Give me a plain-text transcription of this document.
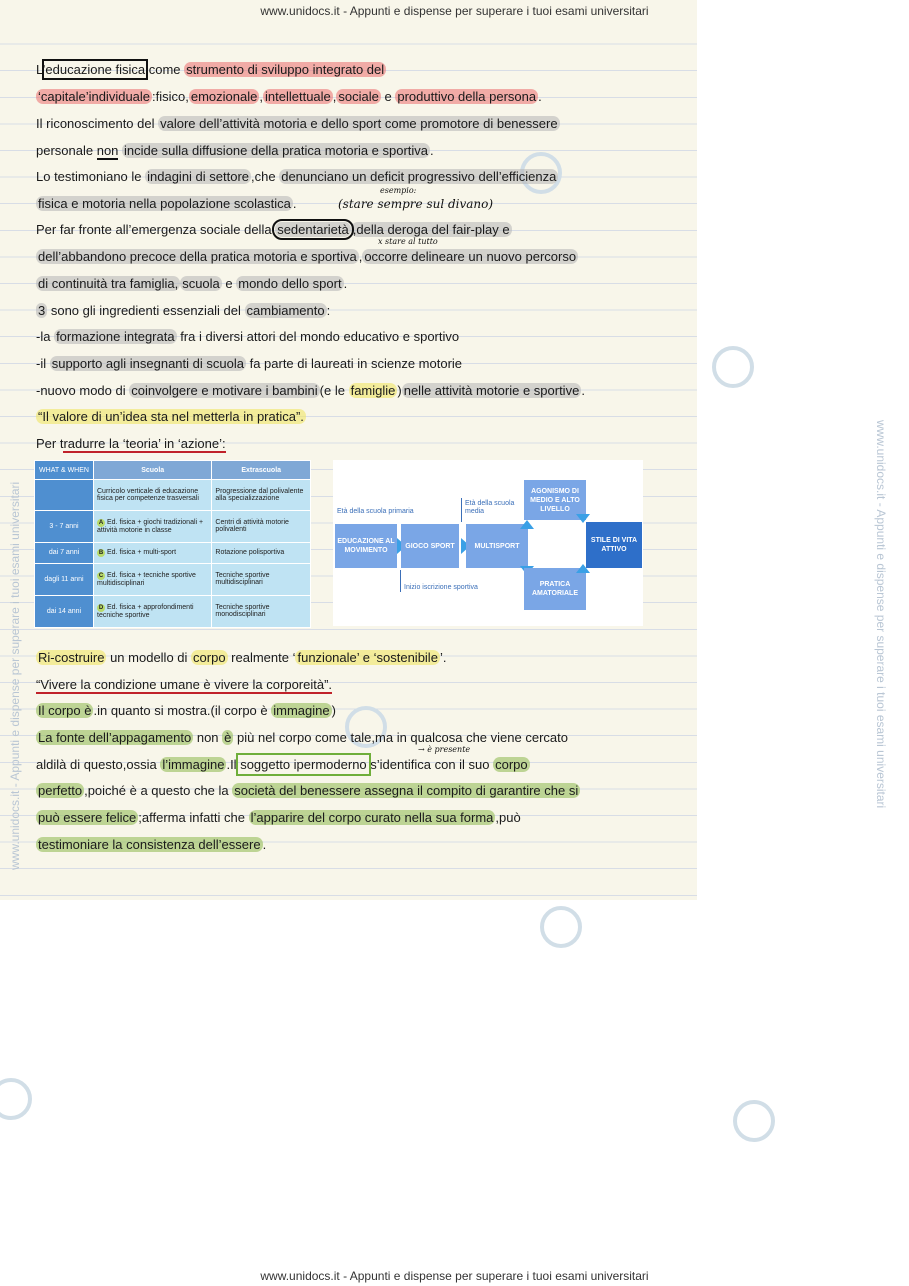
www.unidocs.it - Appunti e dispense per superare i tuoi esami universitari
www.unidocs.it - Appunti e dispense per superare i tuoi esami universitari
www.unidocs.it - Appunti e dispense per superare i tuoi esami universitari
www.unidocs.it - Appunti e dispense per superare i tuoi esami universitari
L’educazione fisica come strumento di sviluppo integrato del
‘capitale’individuale :fisico, emozionale , intellettuale , sociale e produttivo della persona .
Il riconoscimento del valore dell’attività motoria e dello sport come promotore di benessere
personale non incide sulla diffusione della pratica motoria e sportiva .
Lo testimoniano le indagini di settore ,che denunciano un deficit progressivo dell’efficienza
fisica e motoria nella popolazione scolastica .
esempio:
(stare sempre sul divano)
Per far fronte all’emergenza sociale della sedentarietà ,della deroga del fair-play e
x stare al tutto
dell’abbandono precoce della pratica motoria e sportiva , occorre delineare un nuovo percorso
di continuità tra famiglia, scuola e mondo dello sport .
3 sono gli ingredienti essenziali del cambiamento :
-la formazione integrata fra i diversi attori del mondo educativo e sportivo
-il supporto agli insegnanti di scuola fa parte di laureati in scienze motorie
-nuovo modo di coinvolgere e motivare i bambini (e le famiglie ) nelle attività motorie e sportive .
“Il valore di un’idea sta nel metterla in pratica”.
Per tradurre la ‘teoria’ in ‘azione’:
WHAT & WHEN	Scuola	Extrascuola
	Curricolo verticale di educazione fisica per competenze trasversali	Progressione dal polivalente alla specializzazione
3 - 7 anni	A Ed. fisica + giochi tradizionali + attività motorie in classe	Centri di attività motorie polivalenti
dai 7 anni	B Ed. fisica + multi-sport	Rotazione polisportiva
dagli 11 anni	C Ed. fisica + tecniche sportive multidisciplinari	Tecniche sportive multidisciplinari
dai 14 anni	D Ed. fisica + approfondimenti tecniche sportive	Tecniche sportive monodisciplinari
Età della scuola primaria
Età della scuola media
Inizio iscrizione sportiva
EDUCAZIONE AL MOVIMENTO
GIOCO SPORT	MULTISPORT
AGONISMO DI MEDIO E ALTO LIVELLO
PRATICA AMATORIALE
STILE DI VITA ATTIVO
Ri-costruire un modello di corpo realmente ‘ funzionale’ e ‘sostenibile ’.
“Vivere la condizione umane è vivere la corporeità”.
Il corpo è .in quanto si mostra.(il corpo è immagine )
La fonte dell’appagamento non è più nel corpo come tale,ma in qualcosa che viene cercato
→ è presente
aldilà di questo,ossia l’immagine .Il soggetto ipermoderno s’identifica con il suo corpo
perfetto ,poiché è a questo che la società del benessere assegna il compito di garantire che si
può essere felice ;afferma infatti che l’apparire del corpo curato nella sua forma ,può
testimoniare la consistenza dell’essere .
